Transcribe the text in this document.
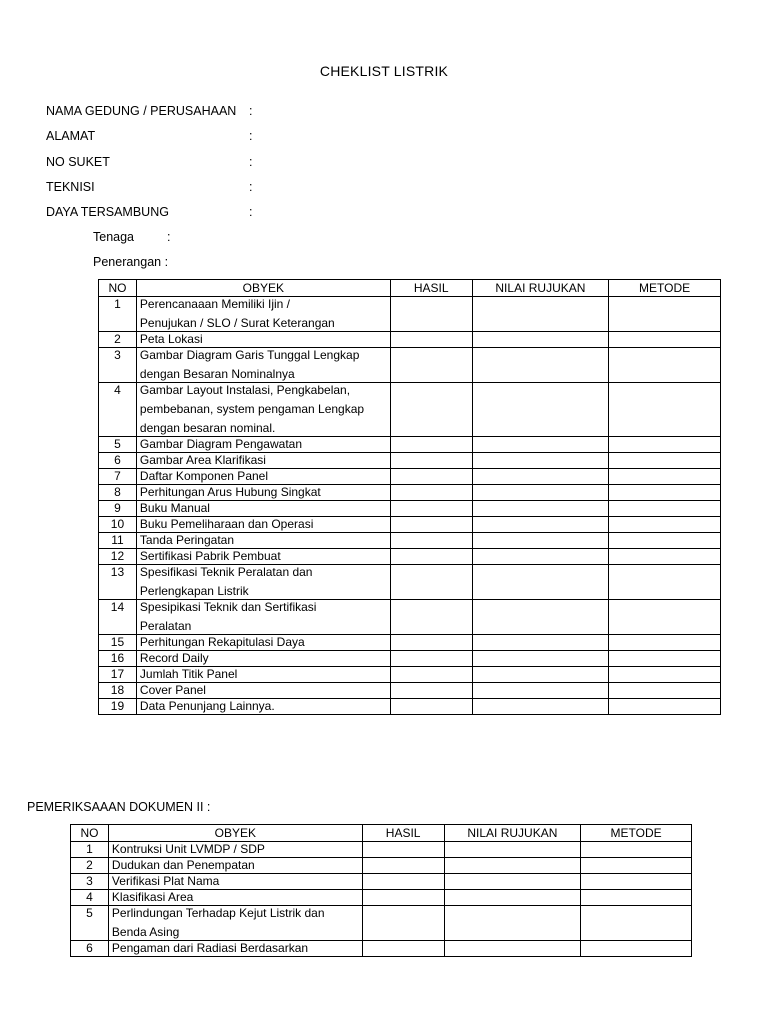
CHEKLIST LISTRIK
NAMA GEDUNG / PERUSAHAAN :
ALAMAT	:
NO SUKET	:
TEKNISI	:
DAYA TERSAMBUNG	:
Tenaga	:
Penerangan :
NO	OBYEK	HASIL	NILAI RUJUKAN	METODE
1	Perencanaaan Memiliki Ijin /
Penujukan / SLO / Surat Keterangan			

2	Peta Lokasi			

3	Gambar Diagram Garis Tunggal Lengkap
dengan Besaran Nominalnya			

4	Gambar Layout Instalasi, Pengkabelan,
pembebanan, system pengaman Lengkap
dengan besaran nominal.			

5	Gambar Diagram Pengawatan			

6	Gambar Area Klarifikasi			

7	Daftar Komponen Panel			

8	Perhitungan Arus Hubung Singkat			

9	Buku Manual			

10	Buku Pemeliharaan dan Operasi			

11	Tanda Peringatan			

12	Sertifikasi Pabrik Pembuat			

13	Spesifikasi Teknik Peralatan dan
Perlengkapan Listrik			

14	Spesipikasi Teknik dan Sertifikasi
Peralatan			

15	Perhitungan Rekapitulasi Daya			

16	Record Daily			

17	Jumlah Titik Panel			

18	Cover Panel			

19	Data Penunjang Lainnya.			

PEMERIKSAAAN DOKUMEN II :
NO	OBYEK	HASIL	NILAI RUJUKAN	METODE
1	Kontruksi Unit LVMDP / SDP			

2	Dudukan dan Penempatan			

3	Verifikasi Plat Nama			

4	Klasifikasi Area			

5	Perlindungan Terhadap Kejut Listrik dan
Benda Asing			

6	Pengaman dari Radiasi Berdasarkan			
